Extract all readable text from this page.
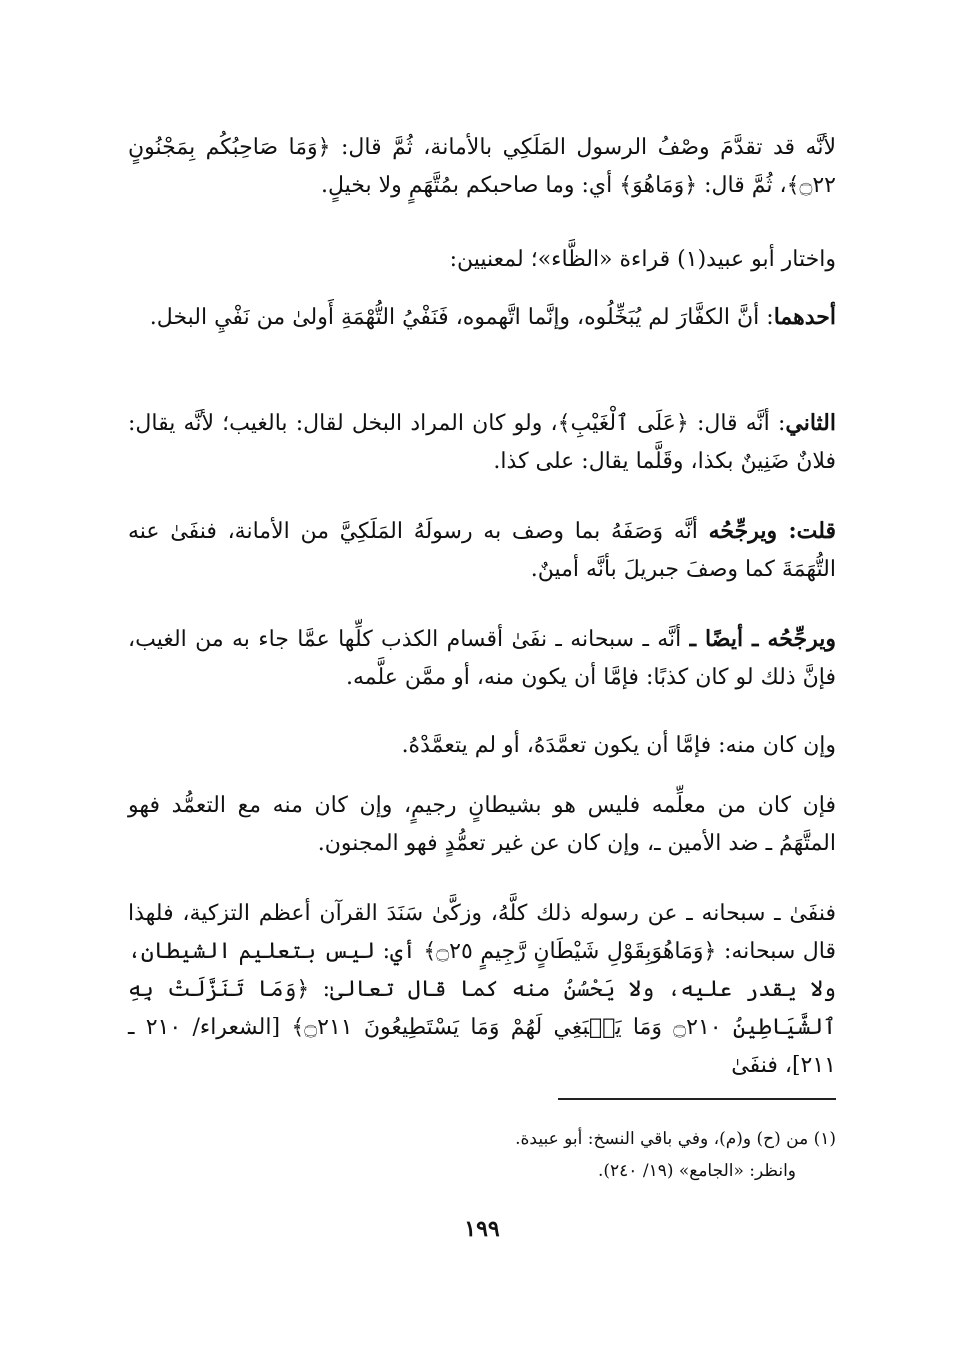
لأنَّه قد تقدَّمَ وصْفُ الرسول المَلَكِي بالأمانة، ثُمَّ قال: ﴿وَمَا صَاحِبُكُم بِمَجْنُونٍ ۝٢٢﴾، ثُمَّ قال: ﴿وَمَاهُوَ﴾ أي: وما صاحبكم بمُتَّهَمٍ ولا بخيلٍ.
واختار أبو عبيد(١) قراءة «الظَّاء»؛ لمعنيين:
أحدهما: أنَّ الكفَّارَ لم يُبَخِّلُوه، وإنَّما اتَّهموه، فَنَفْيُ التُّهْمَةِ أَولىٰ من نَفْيِ البخل.
الثاني: أنَّه قال: ﴿عَلَى ٱلْغَيْبِ﴾، ولو كان المراد البخل لقال: بالغيب؛ لأنَّه يقال: فلانٌ ضَنِينٌ بكذا، وقَلَّما يقال: على كذا.
قلت: ويرجِّحُه أنَّه وَصَفَهُ بما وصف به رسولَهُ المَلَكِيَّ من الأمانة، فنفَىٰ عنه التُّهَمَةَ كما وصفَ جبريلَ بأنَّه أمينٌ.
ويرجِّحُه ـ أيضًا ـ أنَّه ـ سبحانه ـ نفَىٰ أقسام الكذب كلِّها عمَّا جاء به من الغيب، فإنَّ ذلك لو كان كذبًا: فإمَّا أن يكون منه، أو ممَّن علَّمه.
وإن كان منه: فإمَّا أن يكون تعمَّدَهُ، أو لم يتعمَّدْهُ.
فإن كان من معلِّمه فليس هو بشيطانٍ رجيمٍ، وإن كان منه مع التعمُّد فهو المتَّهَمُ ـ ضد الأمين ـ، وإن كان عن غير تعمُّدٍ فهو المجنون.
فنفَىٰ ـ سبحانه ـ عن رسوله ذلك كلَّهُ، وزكَّىٰ سَنَدَ القرآن أعظم التزكية، فلهذا قال سبحانه: ﴿وَمَاهُوَبِقَوْلِ شَيْطَانٍ رَّجِيمٍ ۝٢٥﴾ أي: ليس بتعليم الشيطان، ولا يقدر عليه، ولا يَحْسُنُ منه كما قال تعالىٰ: ﴿وَمَا تَنَزَّلَتْ بِهِ ٱلشَّيَاطِينُ ۝٢١٠ وَمَا يَنۢبَغِي لَهُمْ وَمَا يَسْتَطِيعُونَ ۝٢١١﴾ [الشعراء/ ٢١٠ ـ ٢١١]، فنفَىٰ
(١) من (ح) و(م)، وفي باقي النسخ: أبو عبيدة.
وانظر: «الجامع» (١٩/ ٢٤٠).
١٩٩
